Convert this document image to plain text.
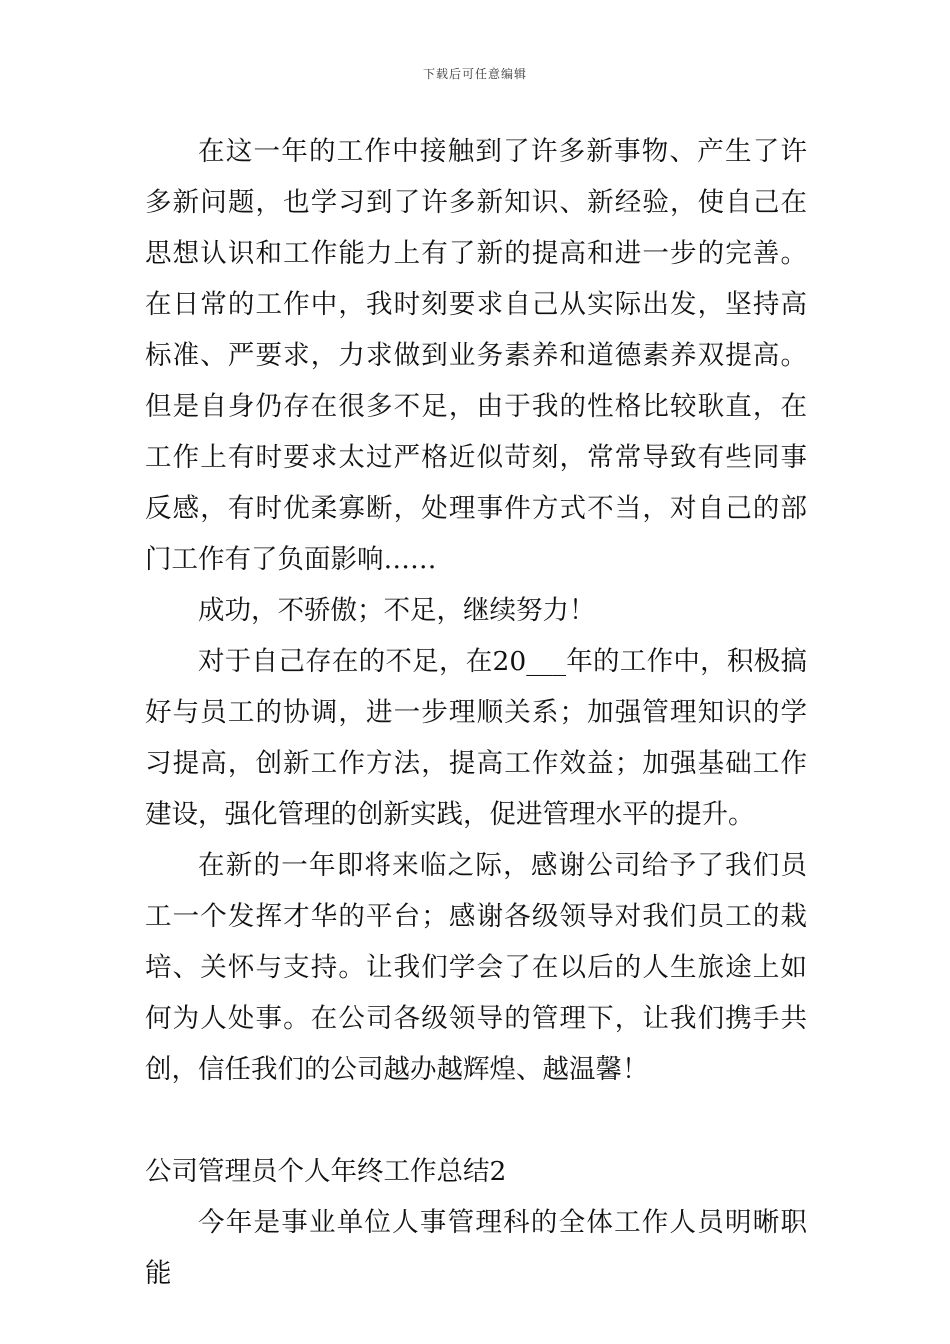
下载后可任意编辑

在这一年的工作中接触到了许多新事物、产生了许多新问题，也学习到了许多新知识、新经验，使自己在思想认识和工作能力上有了新的提高和进一步的完善。在日常的工作中，我时刻要求自己从实际出发，坚持高标准、严要求，力求做到业务素养和道德素养双提高。但是自身仍存在很多不足，由于我的性格比较耿直，在工作上有时要求太过严格近似苛刻，常常导致有些同事反感，有时优柔寡断，处理事件方式不当，对自己的部门工作有了负面影响……

成功，不骄傲；不足，继续努力！

对于自己存在的不足，在20___年的工作中，积极搞好与员工的协调，进一步理顺关系；加强管理知识的学习提高，创新工作方法，提高工作效益；加强基础工作建设，强化管理的创新实践，促进管理水平的提升。

在新的一年即将来临之际，感谢公司给予了我们员工一个发挥才华的平台；感谢各级领导对我们员工的栽培、关怀与支持。让我们学会了在以后的人生旅途上如何为人处事。在公司各级领导的管理下，让我们携手共创，信任我们的公司越办越辉煌、越温馨！

公司管理员个人年终工作总结2

今年是事业单位人事管理科的全体工作人员明晰职能
